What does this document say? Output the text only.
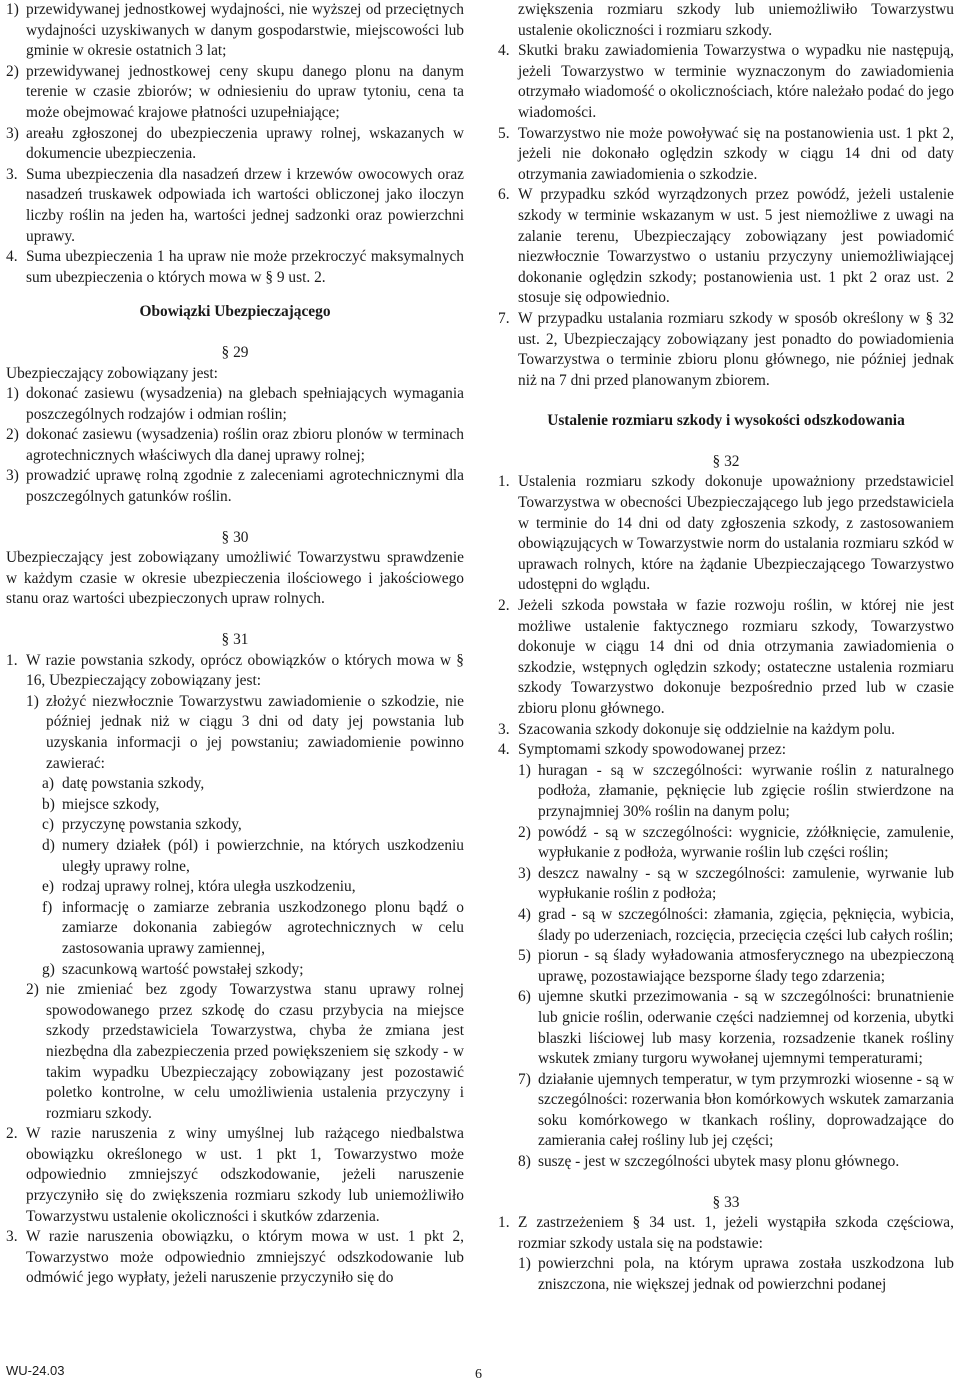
1) przewidywanej jednostkowej wydajności, nie wyższej od przeciętnych wydajności uzyskiwanych w danym gospodarstwie, miejscowości lub gminie w okresie ostatnich 3 lat;
2) przewidywanej jednostkowej ceny skupu danego plonu na danym terenie w czasie zbiorów; w odniesieniu do upraw tytoniu, cena ta może obejmować krajowe płatności uzupełniające;
3) areału zgłoszonej do ubezpieczenia uprawy rolnej, wskazanych w dokumencie ubezpieczenia.
3. Suma ubezpieczenia dla nasadzeń drzew i krzewów owocowych oraz nasadzeń truskawek odpowiada ich wartości obliczonej jako iloczyn liczby roślin na jeden ha, wartości jednej sadzonki oraz powierzchni uprawy.
4. Suma ubezpieczenia 1 ha upraw nie może przekroczyć maksymalnych sum ubezpieczenia o których mowa w § 9 ust. 2.

Obowiązki Ubezpieczającego

§ 29

Ubezpieczający zobowiązany jest:

1) dokonać zasiewu (wysadzenia) na glebach spełniających wymagania poszczególnych rodzajów i odmian roślin;
2) dokonać zasiewu (wysadzenia) roślin oraz zbioru plonów w terminach agrotechnicznych właściwych dla danej uprawy rolnej;
3) prowadzić uprawę rolną zgodnie z zaleceniami agrotechnicznymi dla poszczególnych gatunków roślin.

§ 30

Ubezpieczający jest zobowiązany umożliwić Towarzystwu sprawdzenie w każdym czasie w okresie ubezpieczenia ilościowego i jakościowego stanu oraz wartości ubezpieczonych upraw rolnych.

§ 31

1. W razie powstania szkody, oprócz obowiązków o których mowa w § 16, Ubezpieczający zobowiązany jest:
1) złożyć niezwłocznie Towarzystwu zawiadomienie o szkodzie, nie później jednak niż w ciągu 3 dni od daty jej powstania lub uzyskania informacji o jej powstaniu; zawiadomienie powinno zawierać:
a) datę powstania szkody,
b) miejsce szkody,
c) przyczynę powstania szkody,
d) numery działek (pól) i powierzchnie, na których uszkodzeniu uległy uprawy rolne,
e) rodzaj uprawy rolnej, która uległa uszkodzeniu,
f) informację o zamiarze zebrania uszkodzonego plonu bądź o zamiarze dokonania zabiegów agrotechnicznych w celu zastosowania uprawy zamiennej,
g) szacunkową wartość powstałej szkody;
2) nie zmieniać bez zgody Towarzystwa stanu uprawy rolnej spowodowanego przez szkodę do czasu przybycia na miejsce szkody przedstawiciela Towarzystwa, chyba że zmiana jest niezbędna dla zabezpieczenia przed powiększeniem się szkody - w takim wypadku Ubezpieczający zobowiązany jest pozostawić poletko kontrolne, w celu umożliwienia ustalenia przyczyny i rozmiaru szkody.
2. W razie naruszenia z winy umyślnej lub rażącego niedbalstwa obowiązku określonego w ust. 1 pkt 1, Towarzystwo może odpowiednio zmniejszyć odszkodowanie, jeżeli naruszenie przyczyniło się do zwiększenia rozmiaru szkody lub uniemożliwiło Towarzystwu ustalenie okoliczności i skutków zdarzenia.
3. W razie naruszenia obowiązku, o którym mowa w ust. 1 pkt 2, Towarzystwo może odpowiednio zmniejszyć odszkodowanie lub odmówić jego wypłaty, jeżeli naruszenie przyczyniło się do

zwiększenia rozmiaru szkody lub uniemożliwiło Towarzystwu ustalenie okoliczności i rozmiaru szkody.

4. Skutki braku zawiadomienia Towarzystwa o wypadku nie następują, jeżeli Towarzystwo w terminie wyznaczonym do zawiadomienia otrzymało wiadomość o okolicznościach, które należało podać do jego wiadomości.
5. Towarzystwo nie może powoływać się na postanowienia ust. 1 pkt 2, jeżeli nie dokonało oględzin szkody w ciągu 14 dni od daty otrzymania zawiadomienia o szkodzie.
6. W przypadku szkód wyrządzonych przez powódź, jeżeli ustalenie szkody w terminie wskazanym w ust. 5 jest niemożliwe z uwagi na zalanie terenu, Ubezpieczający zobowiązany jest powiadomić niezwłocznie Towarzystwo o ustaniu przyczyny uniemożliwiającej dokonanie oględzin szkody; postanowienia ust. 1 pkt 2 oraz ust. 2 stosuje się odpowiednio.
7. W przypadku ustalania rozmiaru szkody w sposób określony w § 32 ust. 2, Ubezpieczający zobowiązany jest ponadto do powiadomienia Towarzystwa o terminie zbioru plonu głównego, nie później jednak niż na 7 dni przed planowanym zbiorem.

Ustalenie rozmiaru szkody i wysokości odszkodowania

§ 32

1. Ustalenia rozmiaru szkody dokonuje upoważniony przedstawiciel Towarzystwa w obecności Ubezpieczającego lub jego przedstawiciela w terminie do 14 dni od daty zgłoszenia szkody, z zastosowaniem obowiązujących w Towarzystwie norm do ustalania rozmiaru szkód w uprawach rolnych, które na żądanie Ubezpieczającego Towarzystwo udostępni do wglądu.
2. Jeżeli szkoda powstała w fazie rozwoju roślin, w której nie jest możliwe ustalenie faktycznego rozmiaru szkody, Towarzystwo dokonuje w ciągu 14 dni od dnia otrzymania zawiadomienia o szkodzie, wstępnych oględzin szkody; ostateczne ustalenia rozmiaru szkody Towarzystwo dokonuje bezpośrednio przed lub w czasie zbioru plonu głównego.
3. Szacowania szkody dokonuje się oddzielnie na każdym polu.
4. Symptomami szkody spowodowanej przez:
1) huragan - są w szczególności: wyrwanie roślin z naturalnego podłoża, złamanie, pęknięcie lub zgięcie roślin stwierdzone na przynajmniej 30% roślin na danym polu;
2) powódź - są w szczególności: wygnicie, zżółknięcie, zamulenie, wypłukanie z podłoża, wyrwanie roślin lub części roślin;
3) deszcz nawalny - są w szczególności: zamulenie, wyrwanie lub wypłukanie roślin z podłoża;
4) grad - są w szczególności: złamania, zgięcia, pęknięcia, wybicia, ślady po uderzeniach, rozcięcia, przecięcia części lub całych roślin;
5) piorun - są ślady wyładowania atmosferycznego na ubezpieczoną uprawę, pozostawiające bezsporne ślady tego zdarzenia;
6) ujemne skutki przezimowania - są w szczególności: brunatnienie lub gnicie roślin, oderwanie części nadziemnej od korzenia, ubytki blaszki liściowej lub masy korzenia, rozsadzenie tkanek rośliny wskutek zmiany turgoru wywołanej ujemnymi temperaturami;
7) działanie ujemnych temperatur, w tym przymrozki wiosenne - są w szczególności: rozerwania błon komórkowych wskutek zamarzania soku komórkowego w tkankach rośliny, doprowadzające do zamierania całej rośliny lub jej części;
8) suszę - jest w szczególności ubytek masy plonu głównego.

§ 33

1. Z zastrzeżeniem § 34 ust. 1, jeżeli wystąpiła szkoda częściowa, rozmiar szkody ustala się na podstawie:
1) powierzchni pola, na którym uprawa została uszkodzona lub zniszczona, nie większej jednak od powierzchni podanej
WU-24.03	6
